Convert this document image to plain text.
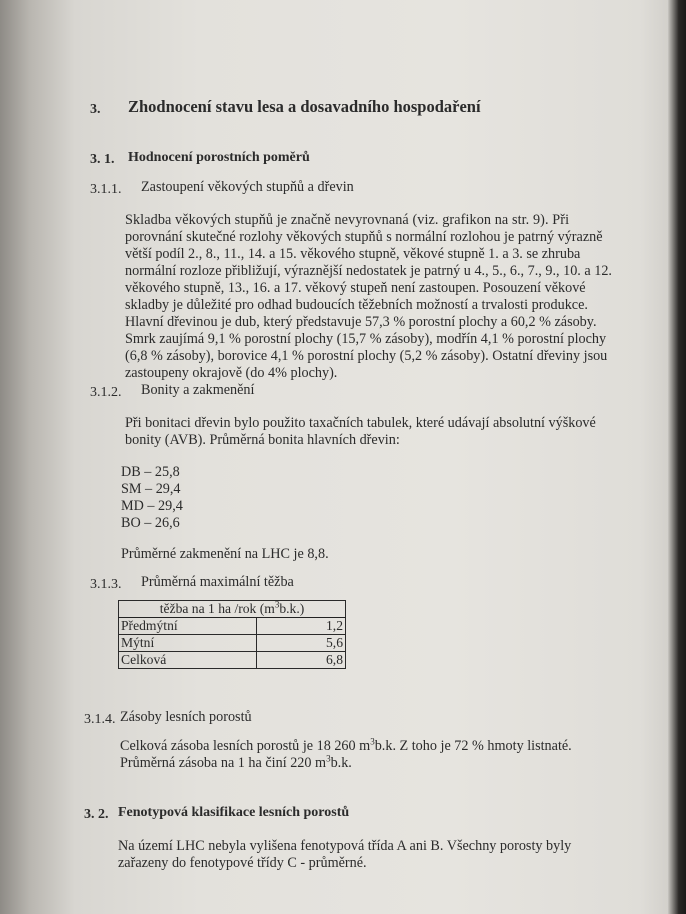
3. Zhodnocení stavu lesa a dosavadního hospodaření
3. 1. Hodnocení porostních poměrů
3.1.1. Zastoupení věkových stupňů a dřevin
Skladba věkových stupňů je značně nevyrovnaná (viz. grafikon na str. 9). Při
porovnání skutečné rozlohy věkových stupňů s normální rozlohou je patrný výrazně
větší podíl 2., 8., 11., 14. a 15. věkového stupně, věkové stupně 1. a 3. se zhruba
normální rozloze přibližují, výraznější nedostatek je patrný u 4., 5., 6., 7., 9., 10. a 12.
věkového stupně, 13., 16. a 17. věkový stupeň není zastoupen. Posouzení věkové
skladby je důležité pro odhad budoucích těžebních možností a trvalosti produkce.
Hlavní dřevinou je dub, který představuje 57,3 % porostní plochy a 60,2 % zásoby.
Smrk zaujímá 9,1 % porostní plochy (15,7 % zásoby), modřín 4,1 % porostní plochy
(6,8 % zásoby), borovice 4,1 % porostní plochy (5,2 % zásoby). Ostatní dřeviny jsou
3.1.2. Bonity a zakmenění
Při bonitaci dřevin bylo použito taxačních tabulek, které udávají absolutní výškové
bonity (AVB). Průměrná bonita hlavních dřevin:
DB – 25,8
SM – 29,4
MD – 29,4
BO – 26,6
Průměrné zakmenění na LHC je 8,8.
3.1.3. Průměrná maximální těžba
těžba na 1 ha /rok $(m^3b.k.)$	
Předmýtní	1,2
Mýtní	5,6
Celková	6,8
3.1.4. Zásoby lesních porostů
Celková zásoba lesních porostů je 18 260 $m^3b.k$. Z toho je 72 % hmoty listnaté.
Průměrná zásoba na 1 ha činí 220 $m^3b.k$.
3. 2. Fenotypová klasifikace lesních porostů
Na území LHC nebyla vylišena fenotypová třída A ani B. Všechny porosty byly
zařazeny do fenotypové třídy C - průměrné.
zastoupeny okrajově (do 4% plochy).
